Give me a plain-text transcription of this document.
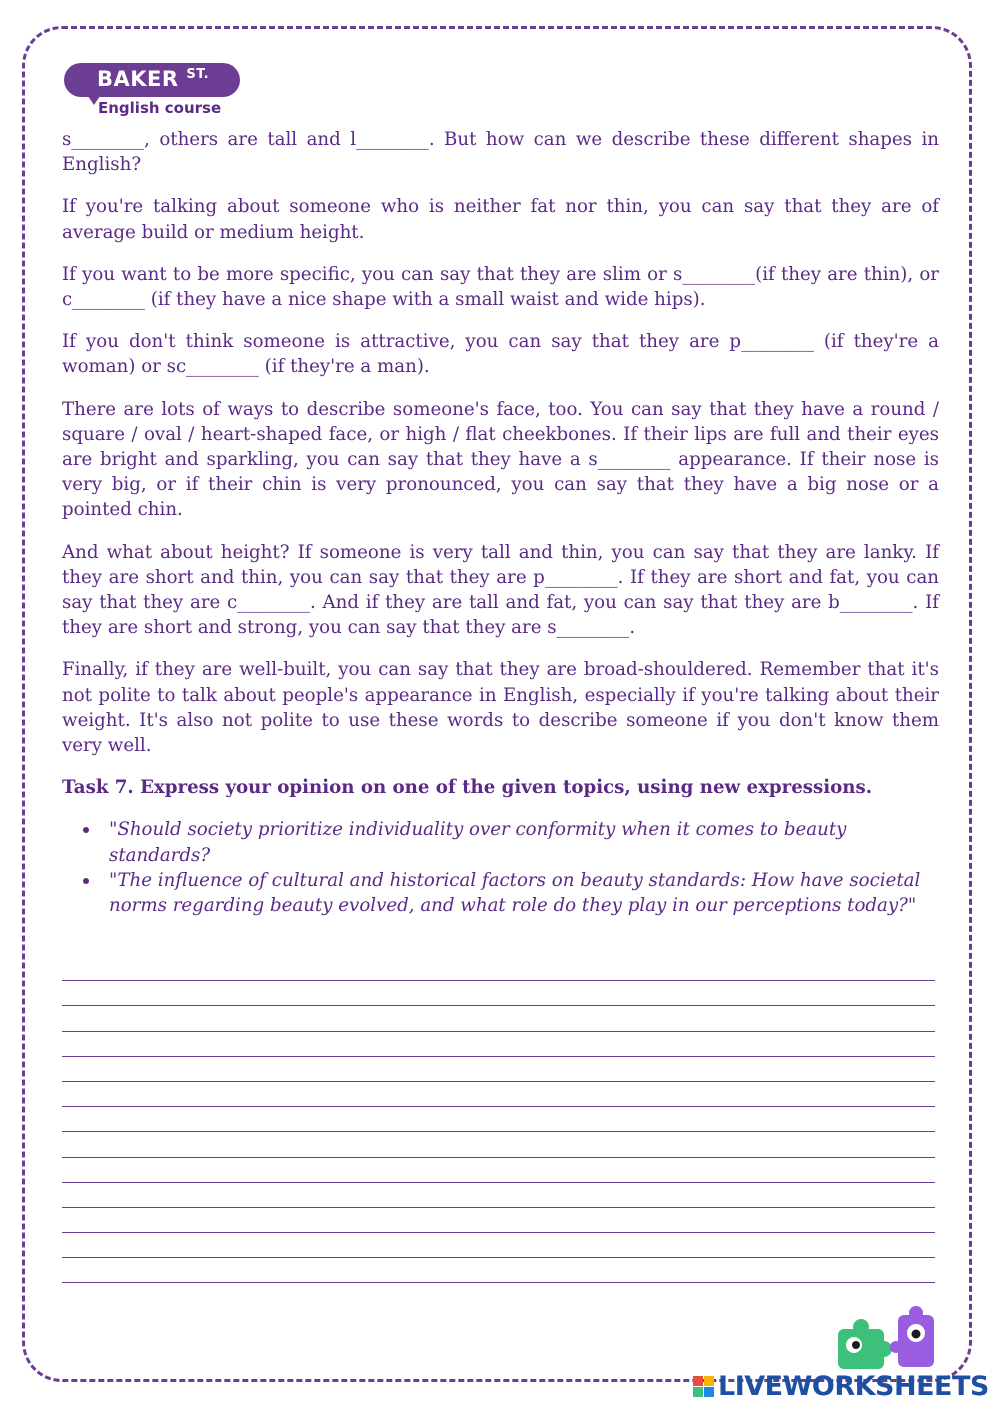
BAKER $^{ST.}$
English course

s________, others are tall and l________. But how can we describe these different shapes in English?

If you're talking about someone who is neither fat nor thin, you can say that they are of average build or medium height.

If you want to be more specific, you can say that they are slim or s________(if they are thin), or c________ (if they have a nice shape with a small waist and wide hips).

If you don't think someone is attractive, you can say that they are p________ (if they're a woman) or sc________ (if they're a man).

There are lots of ways to describe someone's face, too. You can say that they have a round / square / oval / heart-shaped face, or high / flat cheekbones. If their lips are full and their eyes are bright and sparkling, you can say that they have a s________ appearance. If their nose is very big, or if their chin is very pronounced, you can say that they have a big nose or a pointed chin.

And what about height? If someone is very tall and thin, you can say that they are lanky. If they are short and thin, you can say that they are p________. If they are short and fat, you can say that they are c________. And if they are tall and fat, you can say that they are b________. If they are short and strong, you can say that they are s________.

Finally, if they are well-built, you can say that they are broad-shouldered. Remember that it's not polite to talk about people's appearance in English, especially if you're talking about their weight. It's also not polite to use these words to describe someone if you don't know them very well.

Task 7. Express your opinion on one of the given topics, using new expressions.
"Should society prioritize individuality over conformity when it comes to beauty standards?
"The influence of cultural and historical factors on beauty standards: How have societal norms regarding beauty evolved, and what role do they play in our perceptions today?"
LIVEWORKSHEETS
